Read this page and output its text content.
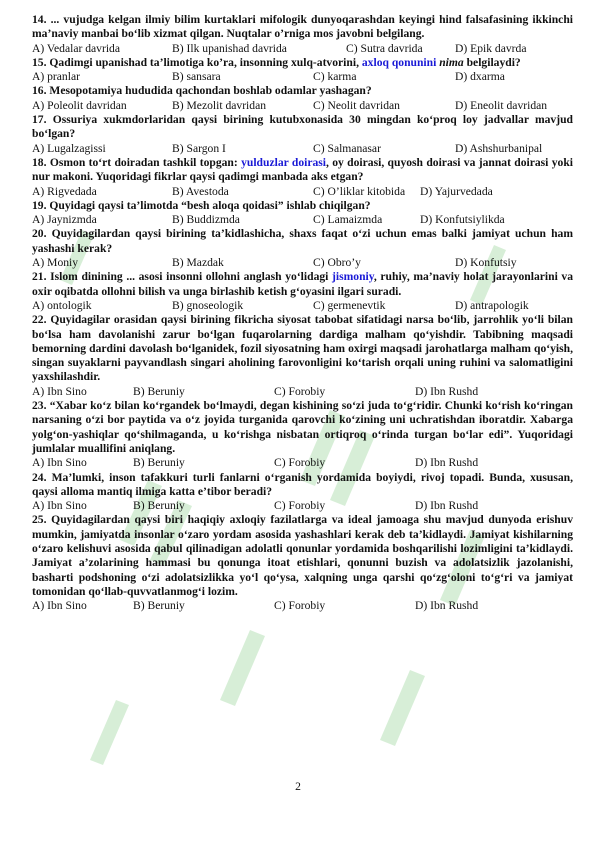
14. ... vujudga kelgan ilmiy bilim kurtaklari mifologik dunyoqarashdan keyingi hind falsafasining ikkinchi ma’naviy manbai bo‘lib xizmat qilgan. Nuqtalar o’rniga mos javobni belgilang.
A) Vedalar davrida	B) Ilk upanishad davrida	C) Sutra davrida	D) Epik davrda
15. Qadimgi upanishad ta’limotiga ko’ra, insonning xulq-atvorini, axloq qonunini nima belgilaydi?
A) pranlar	B) sansara	C) karma	D) dxarma
16. Mesopotamiya hududida qachondan boshlab odamlar yashagan?
A) Poleolit davridan	B) Mezolit davridan	C) Neolit davridan	D) Eneolit davridan
17. Ossuriya xukmdorlaridan qaysi birining kutubxonasida 30 mingdan ko‘proq loy jadvallar mavjud bo‘lgan?
A) Lugalzagissi	B) Sargon I	C) Salmanasar	D) Ashshurbanipal
18. Osmon to‘rt doiradan tashkil topgan: yulduzlar doirasi, oy doirasi, quyosh doirasi va jannat doirasi yoki nur makoni. Yuqoridagi fikrlar qaysi qadimgi manbada aks etgan?
A) Rigvedada	B) Avestoda	C) O’liklar kitobida	D) Yajurvedada
19. Quyidagi qaysi ta’limotda “besh aloqa qoidasi” ishlab chiqilgan?
A) Jaynizmda	B) Buddizmda	C) Lamaizmda	D) Konfutsiylikda
20. Quyidagilardan qaysi birining ta’kidlashicha, shaxs faqat o‘zi uchun emas balki jamiyat uchun ham yashashi kerak?
A) Moniy	B) Mazdak	C) Obro’y	D) Konfutsiy
21. Islom dinining ... asosi insonni ollohni anglash yo‘lidagi jismoniy, ruhiy, ma’naviy holat jarayonlarini va oxir oqibatda ollohni bilish va unga birlashib ketish g‘oyasini ilgari suradi.
A) ontologik	B) gnoseologik	C) germenevtik	D) antrapologik
22. Quyidagilar orasidan qaysi birining fikricha siyosat tabobat sifatidagi narsa bo‘lib, jarrohlik yo‘li bilan bo‘lsa ham davolanishi zarur bo‘lgan fuqarolarning dardiga malham qo‘yishdir. Tabibning maqsadi bemorning dardini davolash bo‘lganidek, fozil siyosatning ham oxirgi maqsadi jarohatlarga malham qo‘yish, singan suyaklarni payvandlash singari aholining farovonligini ko‘tarish orqali uning ruhini va salomatligini yaxshilashdir.
A) Ibn Sino	B) Beruniy	C) Forobiy	D) Ibn Rushd
23. “Xabar ko‘z bilan ko‘rgandek bo‘lmaydi, degan kishining so‘zi juda to‘g‘ridir. Chunki ko‘rish ko‘ringan narsaning o‘zi bor paytida va o‘z joyida turganida qarovchi ko‘zining uni uchratishdan iboratdir. Xabarga yolg‘on-yashiqlar qo‘shilmaganda, u ko‘rishga nisbatan ortiqroq o‘rinda turgan bo‘lar edi”. Yuqoridagi jumlalar muallifini aniqlang.
A) Ibn Sino	B) Beruniy	C) Forobiy	D) Ibn Rushd
24. Ma’lumki, inson tafakkuri turli fanlarni o‘rganish yordamida boyiydi, rivoj topadi. Bunda, xususan, qaysi alloma mantiq ilmiga katta e’tibor beradi?
A) Ibn Sino	B) Beruniy	C) Forobiy	D) Ibn Rushd
25. Quyidagilardan qaysi biri haqiqiy axloqiy fazilatlarga va ideal jamoaga shu mavjud dunyoda erishuv mumkin, jamiyatda insonlar o‘zaro yordam asosida yashashlari kerak deb ta’kidlaydi. Jamiyat kishilarning o‘zaro kelishuvi asosida qabul qilinadigan adolatli qonunlar yordamida boshqarilishi lozimligini ta’kidlaydi. Jamiyat a’zolarining hammasi bu qonunga itoat etishlari, qonunni buzish va adolatsizlik jazolanishi, basharti podshoning o‘zi adolatsizlikka yo‘l qo‘ysa, xalqning unga qarshi qo‘zg‘oloni to‘g‘ri va jamiyat tomonidan qo‘llab-quvvatlanmog‘i lozim.
A) Ibn Sino	B) Beruniy	C) Forobiy	D) Ibn Rushd
2
